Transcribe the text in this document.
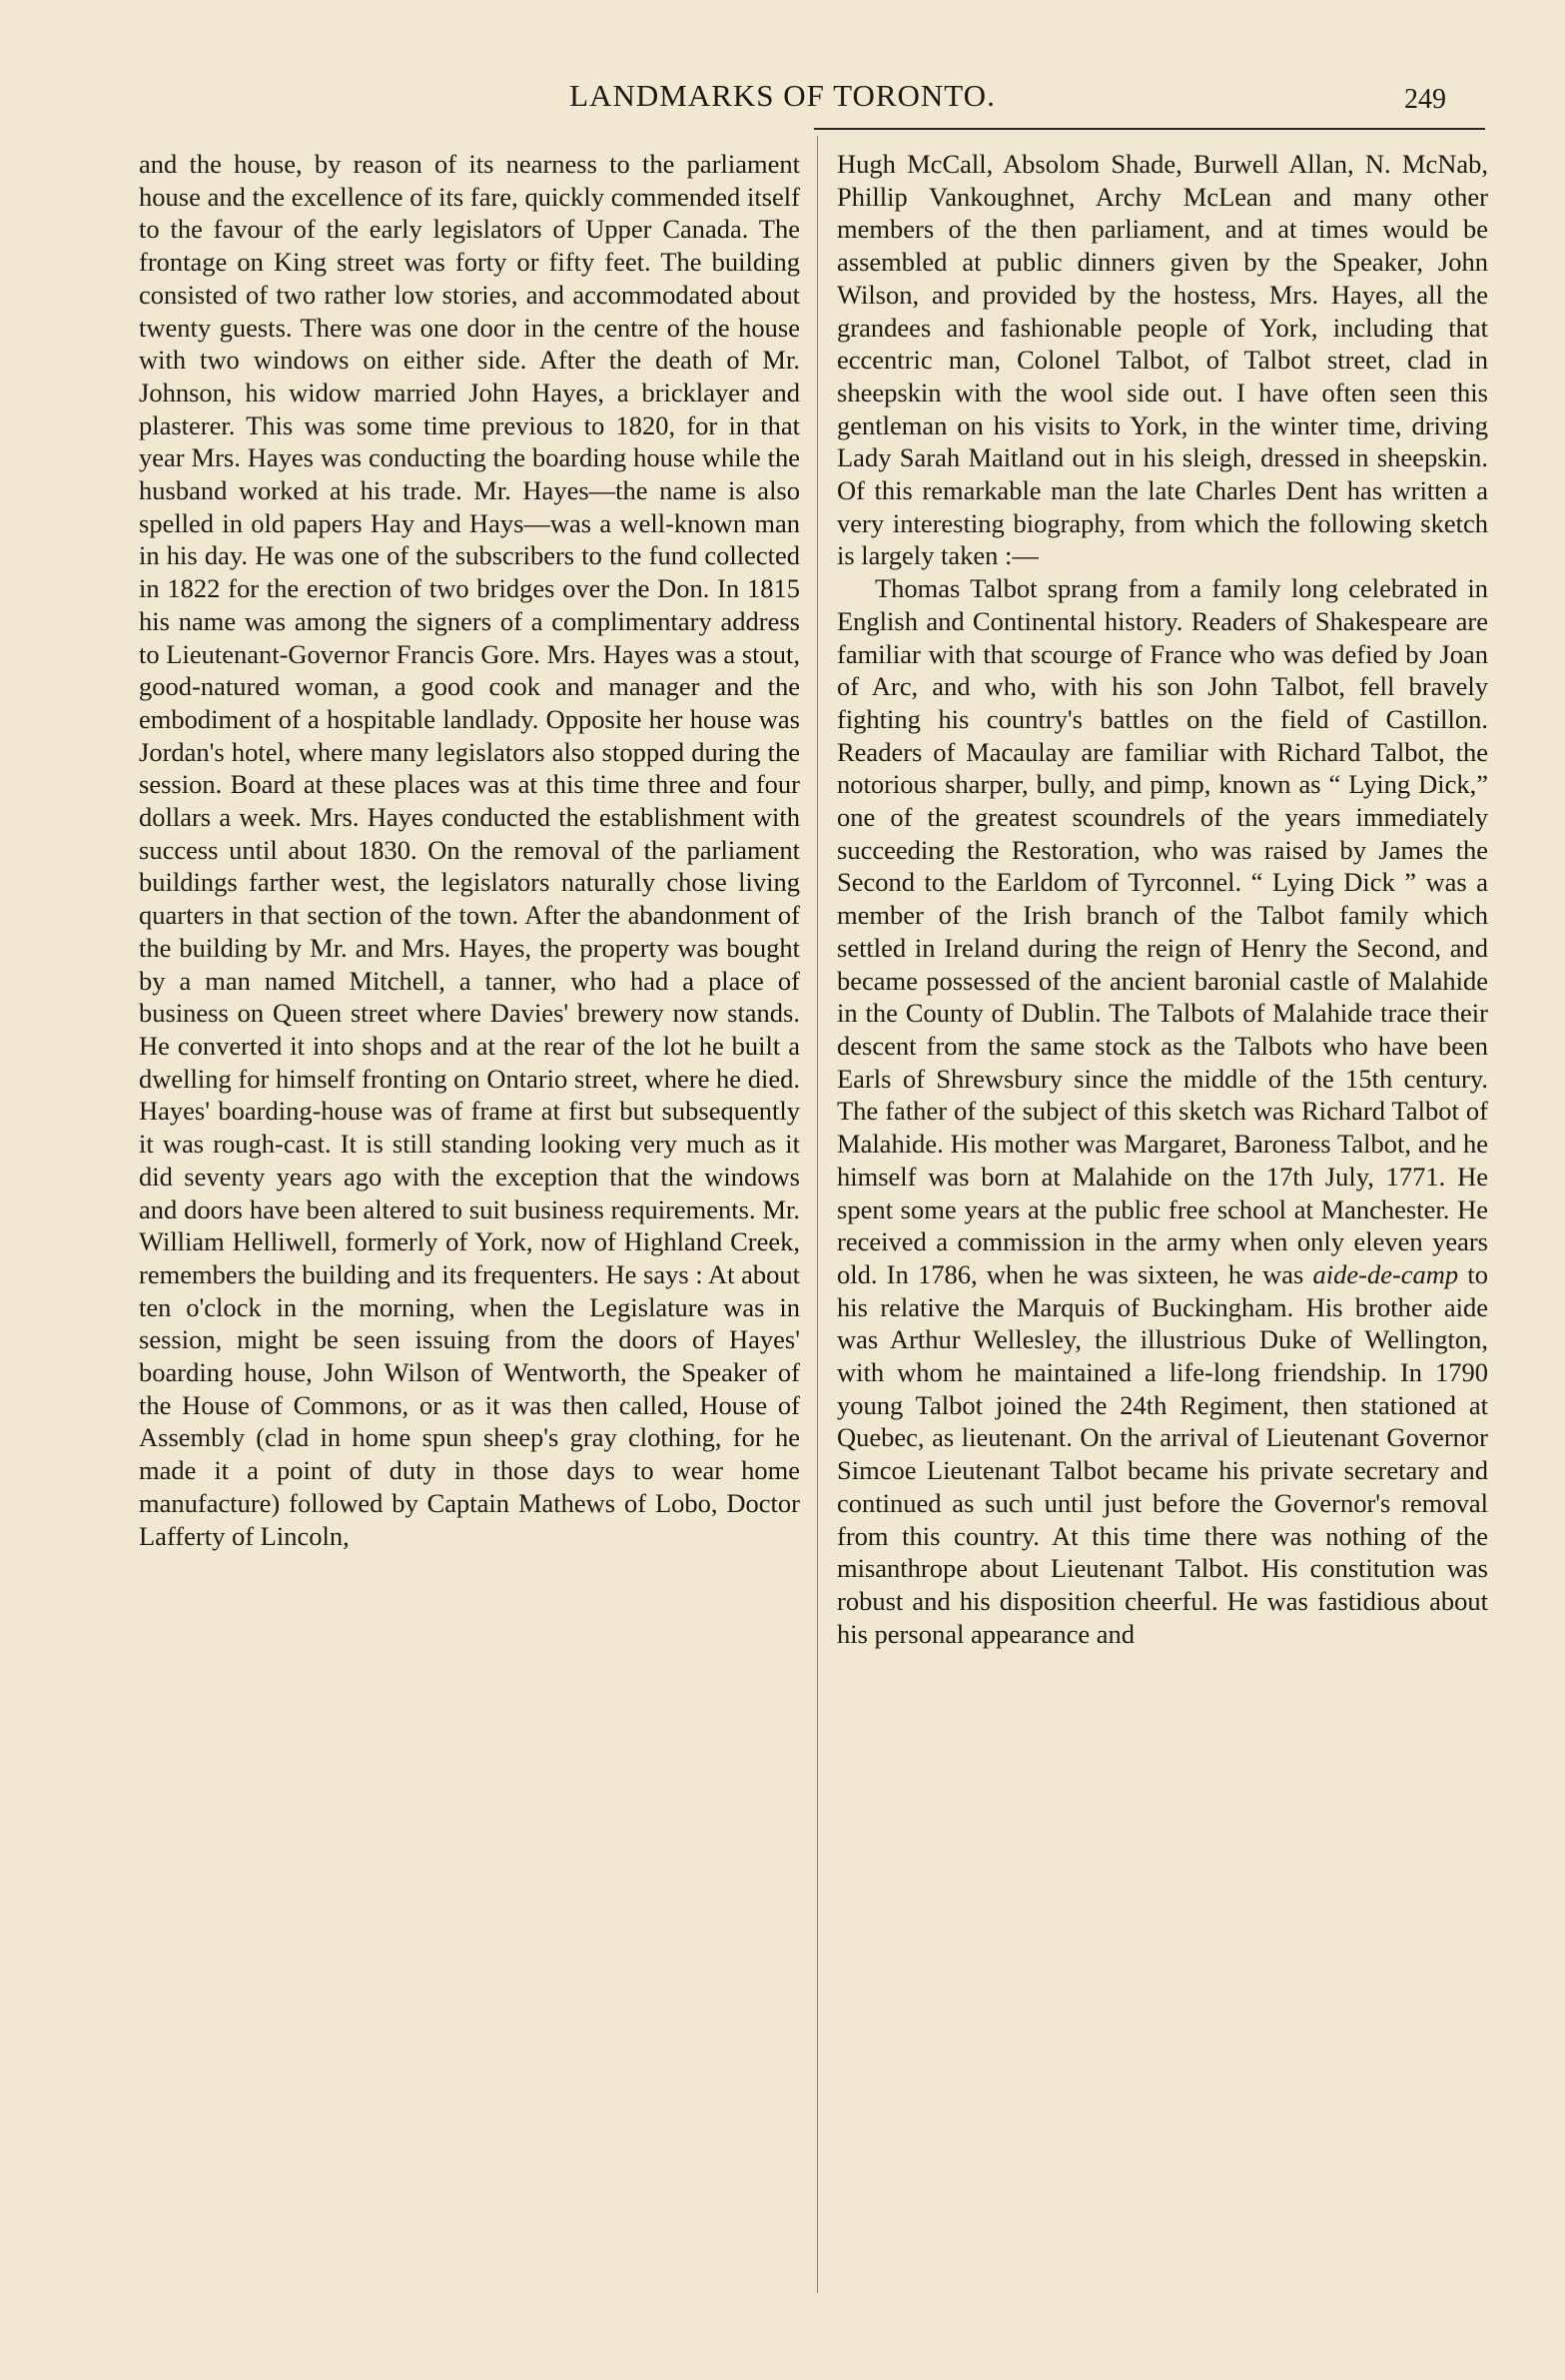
LANDMARKS OF TORONTO.	249

and the house, by reason of its nearness to the parliament house and the excellence of its fare, quickly commended itself to the favour of the early legislators of Upper Canada. The frontage on King street was forty or fifty feet. The building consisted of two rather low stories, and accommodated about twenty guests. There was one door in the centre of the house with two windows on either side. After the death of Mr. Johnson, his widow married John Hayes, a bricklayer and plasterer. This was some time previous to 1820, for in that year Mrs. Hayes was conducting the boarding house while the husband worked at his trade. Mr. Hayes—the name is also spelled in old papers Hay and Hays—was a well-known man in his day. He was one of the subscribers to the fund collected in 1822 for the erection of two bridges over the Don. In 1815 his name was among the signers of a complimentary address to Lieutenant-Governor Francis Gore. Mrs. Hayes was a stout, good-natured woman, a good cook and manager and the embodiment of a hospitable landlady. Opposite her house was Jordan's hotel, where many legislators also stopped during the session. Board at these places was at this time three and four dollars a week. Mrs. Hayes conducted the establishment with success until about 1830. On the removal of the parliament buildings farther west, the legislators naturally chose living quarters in that section of the town. After the abandonment of the building by Mr. and Mrs. Hayes, the property was bought by a man named Mitchell, a tanner, who had a place of business on Queen street where Davies' brewery now stands. He converted it into shops and at the rear of the lot he built a dwelling for himself fronting on Ontario street, where he died. Hayes' boarding-house was of frame at first but subsequently it was rough-cast. It is still standing looking very much as it did seventy years ago with the exception that the windows and doors have been altered to suit business requirements. Mr. William Helliwell, formerly of York, now of Highland Creek, remembers the building and its frequenters. He says : At about ten o'clock in the morning, when the Legislature was in session, might be seen issuing from the doors of Hayes' boarding house, John Wilson of Wentworth, the Speaker of the House of Commons, or as it was then called, House of Assembly (clad in home spun sheep's gray clothing, for he made it a point of duty in those days to wear home manufacture) followed by Captain Mathews of Lobo, Doctor Lafferty of Lincoln,

Hugh McCall, Absolom Shade, Burwell Allan, N. McNab, Phillip Vankoughnet, Archy McLean and many other members of the then parliament, and at times would be assembled at public dinners given by the Speaker, John Wilson, and provided by the hostess, Mrs. Hayes, all the grandees and fashionable people of York, including that eccentric man, Colonel Talbot, of Talbot street, clad in sheepskin with the wool side out. I have often seen this gentleman on his visits to York, in the winter time, driving Lady Sarah Maitland out in his sleigh, dressed in sheepskin. Of this remarkable man the late Charles Dent has written a very interesting biography, from which the following sketch is largely taken :—

Thomas Talbot sprang from a family long celebrated in English and Continental history. Readers of Shakespeare are familiar with that scourge of France who was defied by Joan of Arc, and who, with his son John Talbot, fell bravely fighting his country's battles on the field of Castillon. Readers of Macaulay are familiar with Richard Talbot, the notorious sharper, bully, and pimp, known as “ Lying Dick,” one of the greatest scoundrels of the years immediately succeeding the Restoration, who was raised by James the Second to the Earldom of Tyrconnel. “ Lying Dick ” was a member of the Irish branch of the Talbot family which settled in Ireland during the reign of Henry the Second, and became possessed of the ancient baronial castle of Malahide in the County of Dublin. The Talbots of Malahide trace their descent from the same stock as the Talbots who have been Earls of Shrewsbury since the middle of the 15th century. The father of the subject of this sketch was Richard Talbot of Malahide. His mother was Margaret, Baroness Talbot, and he himself was born at Malahide on the 17th July, 1771. He spent some years at the public free school at Manchester. He received a commission in the army when only eleven years old. In 1786, when he was sixteen, he was aide-de-camp to his relative the Marquis of Buckingham. His brother aide was Arthur Wellesley, the illustrious Duke of Wellington, with whom he maintained a life-long friendship. In 1790 young Talbot joined the 24th Regiment, then stationed at Quebec, as lieutenant. On the arrival of Lieutenant Governor Simcoe Lieutenant Talbot became his private secretary and continued as such until just before the Governor's removal from this country. At this time there was nothing of the misanthrope about Lieutenant Talbot. His constitution was robust and his disposition cheerful. He was fastidious about his personal appearance and
